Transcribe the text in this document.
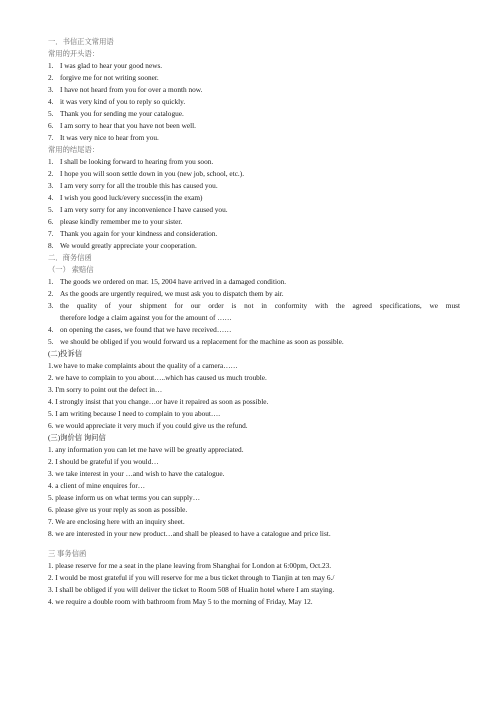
一．书信正文常用语
常用的开头语：
1. I was glad to hear your good news.
2. forgive me for not writing sooner.
3. I have not heard from you for over a month now.
4. it was very kind of you to reply so quickly.
5. Thank you for sending me your catalogue.
6. I am sorry to hear that you have not been well.
7. It was very nice to hear from you.
常用的结尾语：
1. I shall be looking forward to hearing from you soon.
2. I hope you will soon settle down in you (new job, school, etc.).
3. I am very sorry for all the trouble this has caused you.
4. I wish you good luck/every success(in the exam)
5. I am very sorry for any inconvenience I have caused you.
6. please kindly remember me to your sister.
7. Thank you again for your kindness and consideration.
8. We would greatly appreciate your cooperation.
二．商务信函
（一） 索赔信
1. The goods we ordered on mar. 15, 2004 have arrived in a damaged condition.
2. As the goods are urgently required, we must ask you to dispatch them by air.
3. the quality of your shipment for our order is not in conformity with the agreed specifications, we must
therefore lodge a claim against you for the amount of ……
4. on opening the cases, we found that we have received……
5. we should be obliged if you would forward us a replacement for the machine as soon as possible.
(二)投诉信
1.we have to make complaints about the quality of a camera……
2. we have to complain to you about…..which has caused us much trouble.
3. I'm sorry to point out the defect in…
4. I strongly insist that you change…or have it repaired as soon as possible.
5. I am writing because I need to complain to you about….
6. we would appreciate it very much if you could give us the refund.
(三)询价信 询问信
1. any information you can let me have will be greatly appreciated.
2. I should be grateful if you would…
3. we take interest in your …and wish to have the catalogue.
4. a client of mine enquires for…
5. please inform us on what terms you can supply…
6. please give us your reply as soon as possible.
7. We are enclosing here with an inquiry sheet.
8. we are interested in your new product…and shall be pleased to have a catalogue and price list.
三 事务信函
1. please reserve for me a seat in the plane leaving from Shanghai for London at 6:00pm, Oct.23.
2. I would be most grateful if you will reserve for me a bus ticket through to Tianjin at ten may 6./
3. I shall be obliged if you will deliver the ticket to Room 508 of Hualin hotel where I am staying.
4. we require a double room with bathroom from May 5 to the morning of Friday, May 12.
